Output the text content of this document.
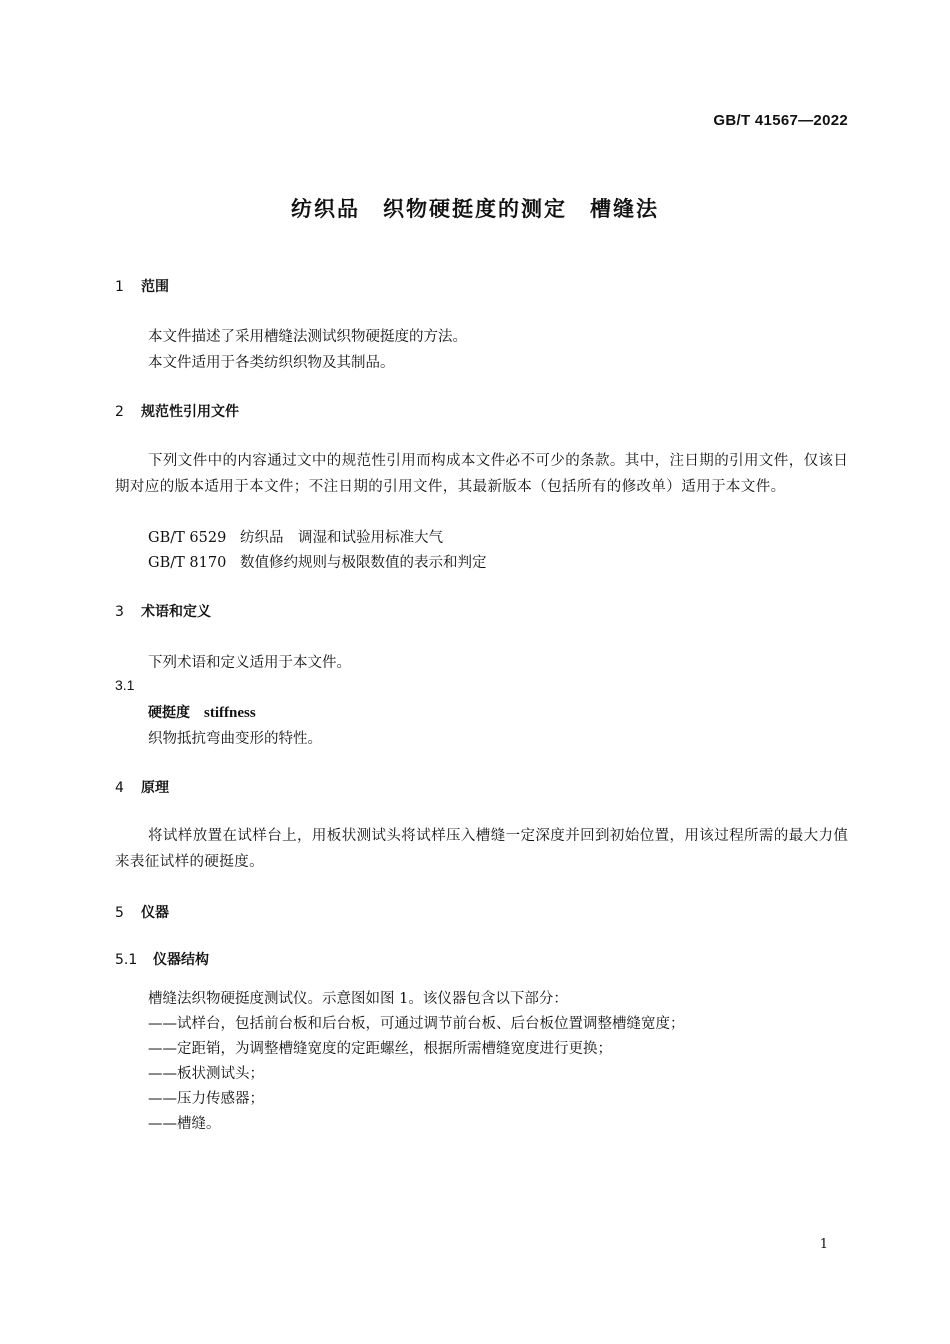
GB/T 41567—2022
纺织品　织物硬挺度的测定　槽缝法
1 范围
本文件描述了采用槽缝法测试织物硬挺度的方法。
本文件适用于各类纺织织物及其制品。
2 规范性引用文件
下列文件中的内容通过文中的规范性引用而构成本文件必不可少的条款。其中，注日期的引用文件，仅该日期对应的版本适用于本文件；不注日期的引用文件，其最新版本（包括所有的修改单）适用于本文件。
GB/T 6529 纺织品　调湿和试验用标准大气
GB/T 8170 数值修约规则与极限数值的表示和判定
3 术语和定义
下列术语和定义适用于本文件。
3.1
硬挺度 stiffness
织物抵抗弯曲变形的特性。
4 原理
将试样放置在试样台上，用板状测试头将试样压入槽缝一定深度并回到初始位置，用该过程所需的最大力值来表征试样的硬挺度。
5 仪器
5.1 仪器结构
槽缝法织物硬挺度测试仪。示意图如图 1。该仪器包含以下部分：
——试样台，包括前台板和后台板，可通过调节前台板、后台板位置调整槽缝宽度；
——定距销，为调整槽缝宽度的定距螺丝，根据所需槽缝宽度进行更换；
——板状测试头；
——压力传感器；
——槽缝。
1
